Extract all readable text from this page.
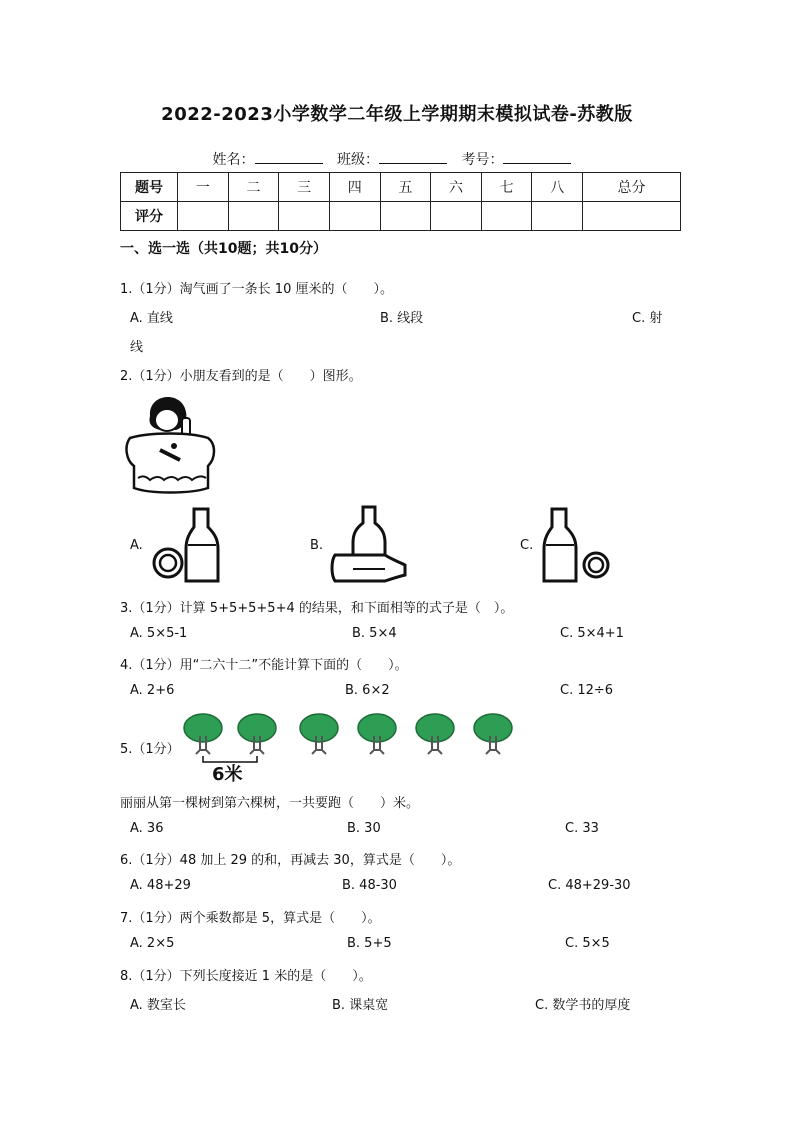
2022-2023小学数学二年级上学期期末模拟试卷-苏教版
姓名：	班级：	考号：
题号	一	二	三	四	五	六	七	八	总分
评分									
一、选一选（共10题；共10分）
1.（1分）淘气画了一条长 10 厘米的（　　）。
A. 直线	B. 线段	C. 射
线
2.（1分）小朋友看到的是（　　）图形。
A.	B.	C.
3.（1分）计算 5+5+5+5+4 的结果，和下面相等的式子是（　）。
A. 5×5-1	B. 5×4	C. 5×4+1
4.（1分）用“二六十二”不能计算下面的（　　）。
A. 2+6	B. 6×2	C. 12÷6
5.（1分）
6米
丽丽从第一棵树到第六棵树，一共要跑（　　）米。
A. 36	B. 30	C. 33
6.（1分）48 加上 29 的和，再减去 30，算式是（　　）。
A. 48+29	B. 48-30	C. 48+29-30
7.（1分）两个乘数都是 5，算式是（　　）。
A. 2×5	B. 5+5	C. 5×5
8.（1分）下列长度接近 1 米的是（　　）。
A. 教室长	B. 课桌宽	C. 数学书的厚度
